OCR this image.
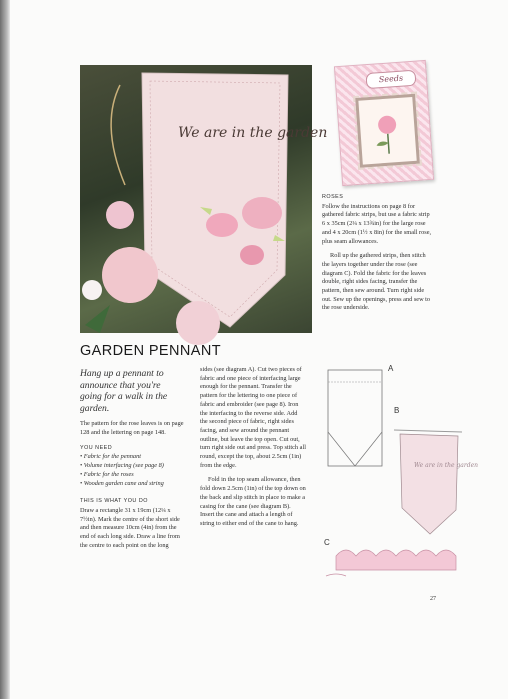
We are in the garden
Seeds
GARDEN PENNANT
Hang up a pennant to announce that you're going for a walk in the garden.

The pattern for the rose leaves is on page 128 and the lettering on page 148.

YOU NEED

• Fabric for the pennant

• Volume interfacing (see page 8)

• Fabric for the roses

• Wooden garden cane and string

THIS IS WHAT YOU DO

Draw a rectangle 31 x 19cm (12¼ x 7½in). Mark the centre of the short side and then measure 10cm (4in) from the end of each long side. Draw a line from the centre to each point on the long

sides (see diagram A). Cut two pieces of fabric and one piece of interfacing large enough for the pennant. Transfer the pattern for the lettering to one piece of fabric and embroider (see page 8). Iron the interfacing to the reverse side. Add the second piece of fabric, right sides facing, and sew around the pennant outline, but leave the top open. Cut out, turn right side out and press. Top stitch all round, except the top, about 2.5cm (1in) from the edge.

Fold in the top seam allowance, then fold down 2.5cm (1in) of the top down on the back and slip stitch in place to make a casing for the cane (see diagram B). Insert the cane and attach a length of string to either end of the cane to hang.

ROSES

Follow the instructions on page 8 for gathered fabric strips, but use a fabric strip 6 x 35cm (2¼ x 13¾in) for the large rose and 4 x 20cm (1½ x 8in) for the small rose, plus seam allowances.

Roll up the gathered strips, then stitch the layers together under the rose (see diagram C). Fold the fabric for the leaves double, right sides facing, transfer the pattern, then sew around. Turn right side out. Sew up the openings, press and sew to the rose underside.

We are in the garden
A
B
C
27
